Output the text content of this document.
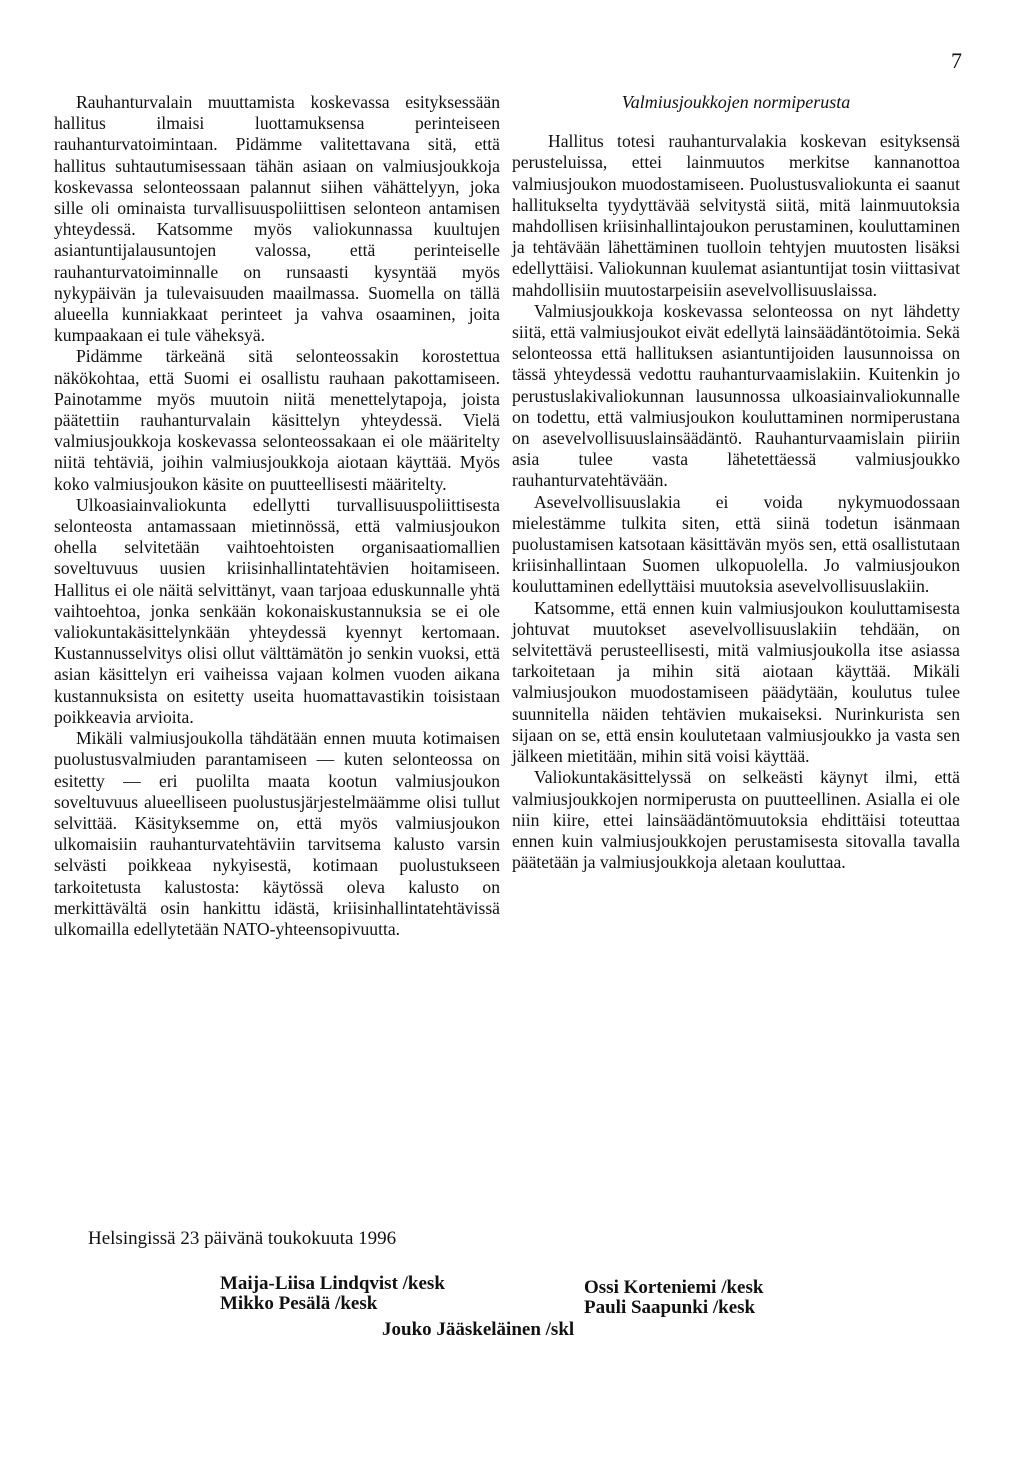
7

Rauhanturvalain muuttamista koskevassa esityksessään hallitus ilmaisi luottamuksensa perinteiseen rauhanturvatoimintaan. Pidämme valitettavana sitä, että hallitus suhtautumisessaan tähän asiaan on valmiusjoukkoja koskevassa selonteossaan palannut siihen vähättelyyn, joka sille oli ominaista turvallisuuspoliittisen selonteon antamisen yhteydessä. Katsomme myös valiokunnassa kuultujen asiantuntijalausuntojen valossa, että perinteiselle rauhanturvatoiminnalle on runsaasti kysyntää myös nykypäivän ja tulevaisuuden maailmassa. Suomella on tällä alueella kunniakkaat perinteet ja vahva osaaminen, joita kumpaakaan ei tule väheksyä.

Pidämme tärkeänä sitä selonteossakin korostettua näkökohtaa, että Suomi ei osallistu rauhaan pakottamiseen. Painotamme myös muutoin niitä menettelytapoja, joista päätettiin rauhanturvalain käsittelyn yhteydessä. Vielä valmiusjoukkoja koskevassa selonteossakaan ei ole määritelty niitä tehtäviä, joihin valmiusjoukkoja aiotaan käyttää. Myös koko valmiusjoukon käsite on puutteellisesti määritelty.

Ulkoasiainvaliokunta edellytti turvallisuuspoliittisesta selonteosta antamassaan mietinnössä, että valmiusjoukon ohella selvitetään vaihtoehtoisten organisaatiomallien soveltuvuus uusien kriisinhallintatehtävien hoitamiseen. Hallitus ei ole näitä selvittänyt, vaan tarjoaa eduskunnalle yhtä vaihtoehtoa, jonka senkään kokonaiskustannuksia se ei ole valiokuntakäsittelynkään yhteydessä kyennyt kertomaan. Kustannusselvitys olisi ollut välttämätön jo senkin vuoksi, että asian käsittelyn eri vaiheissa vajaan kolmen vuoden aikana kustannuksista on esitetty useita huomattavastikin toisistaan poikkeavia arvioita.

Mikäli valmiusjoukolla tähdätään ennen muuta kotimaisen puolustusvalmiuden parantamiseen — kuten selonteossa on esitetty — eri puolilta maata kootun valmiusjoukon soveltuvuus alueelliseen puolustusjärjestelmäämme olisi tullut selvittää. Käsityksemme on, että myös valmiusjoukon ulkomaisiin rauhanturvatehtäviin tarvitsema kalusto varsin selvästi poikkeaa nykyisestä, kotimaan puolustukseen tarkoitetusta kalustosta: käytössä oleva kalusto on merkittävältä osin hankittu idästä, kriisinhallintatehtävissä ulkomailla edellytetään NATO-yhteensopivuutta.

Valmiusjoukkojen normiperusta

Hallitus totesi rauhanturvalakia koskevan esityksensä perusteluissa, ettei lainmuutos merkitse kannanottoa valmiusjoukon muodostamiseen. Puolustusvaliokunta ei saanut hallitukselta tyydyttävää selvitystä siitä, mitä lainmuutoksia mahdollisen kriisinhallintajoukon perustaminen, kouluttaminen ja tehtävään lähettäminen tuolloin tehtyjen muutosten lisäksi edellyttäisi. Valiokunnan kuulemat asiantuntijat tosin viittasivat mahdollisiin muutostarpeisiin asevelvollisuuslaissa.

Valmiusjoukkoja koskevassa selonteossa on nyt lähdetty siitä, että valmiusjoukot eivät edellytä lainsäädäntötoimia. Sekä selonteossa että hallituksen asiantuntijoiden lausunnoissa on tässä yhteydessä vedottu rauhanturvaamislakiin. Kuitenkin jo perustuslakivaliokunnan lausunnossa ulkoasiainvaliokunnalle on todettu, että valmiusjoukon kouluttaminen normiperustana on asevelvollisuuslainsäädäntö. Rauhanturvaamislain piiriin asia tulee vasta lähetettäessä valmiusjoukko rauhanturvatehtävään.

Asevelvollisuuslakia ei voida nykymuodossaan mielestämme tulkita siten, että siinä todetun isänmaan puolustamisen katsotaan käsittävän myös sen, että osallistutaan kriisinhallintaan Suomen ulkopuolella. Jo valmiusjoukon kouluttaminen edellyttäisi muutoksia asevelvollisuuslakiin.

Katsomme, että ennen kuin valmiusjoukon kouluttamisesta johtuvat muutokset asevelvollisuuslakiin tehdään, on selvitettävä perusteellisesti, mitä valmiusjoukolla itse asiassa tarkoitetaan ja mihin sitä aiotaan käyttää. Mikäli valmiusjoukon muodostamiseen päädytään, koulutus tulee suunnitella näiden tehtävien mukaiseksi. Nurinkurista sen sijaan on se, että ensin koulutetaan valmiusjoukko ja vasta sen jälkeen mietitään, mihin sitä voisi käyttää.

Valiokuntakäsittelyssä on selkeästi käynyt ilmi, että valmiusjoukkojen normiperusta on puutteellinen. Asialla ei ole niin kiire, ettei lainsäädäntömuutoksia ehdittäisi toteuttaa ennen kuin valmiusjoukkojen perustamisesta sitovalla tavalla päätetään ja valmiusjoukkoja aletaan kouluttaa.

Helsingissä 23 päivänä toukokuuta 1996
Maija-Liisa Lindqvist /kesk
Mikko Pesälä /kesk
Ossi Korteniemi /kesk
Pauli Saapunki /kesk
Jouko Jääskeläinen /skl
